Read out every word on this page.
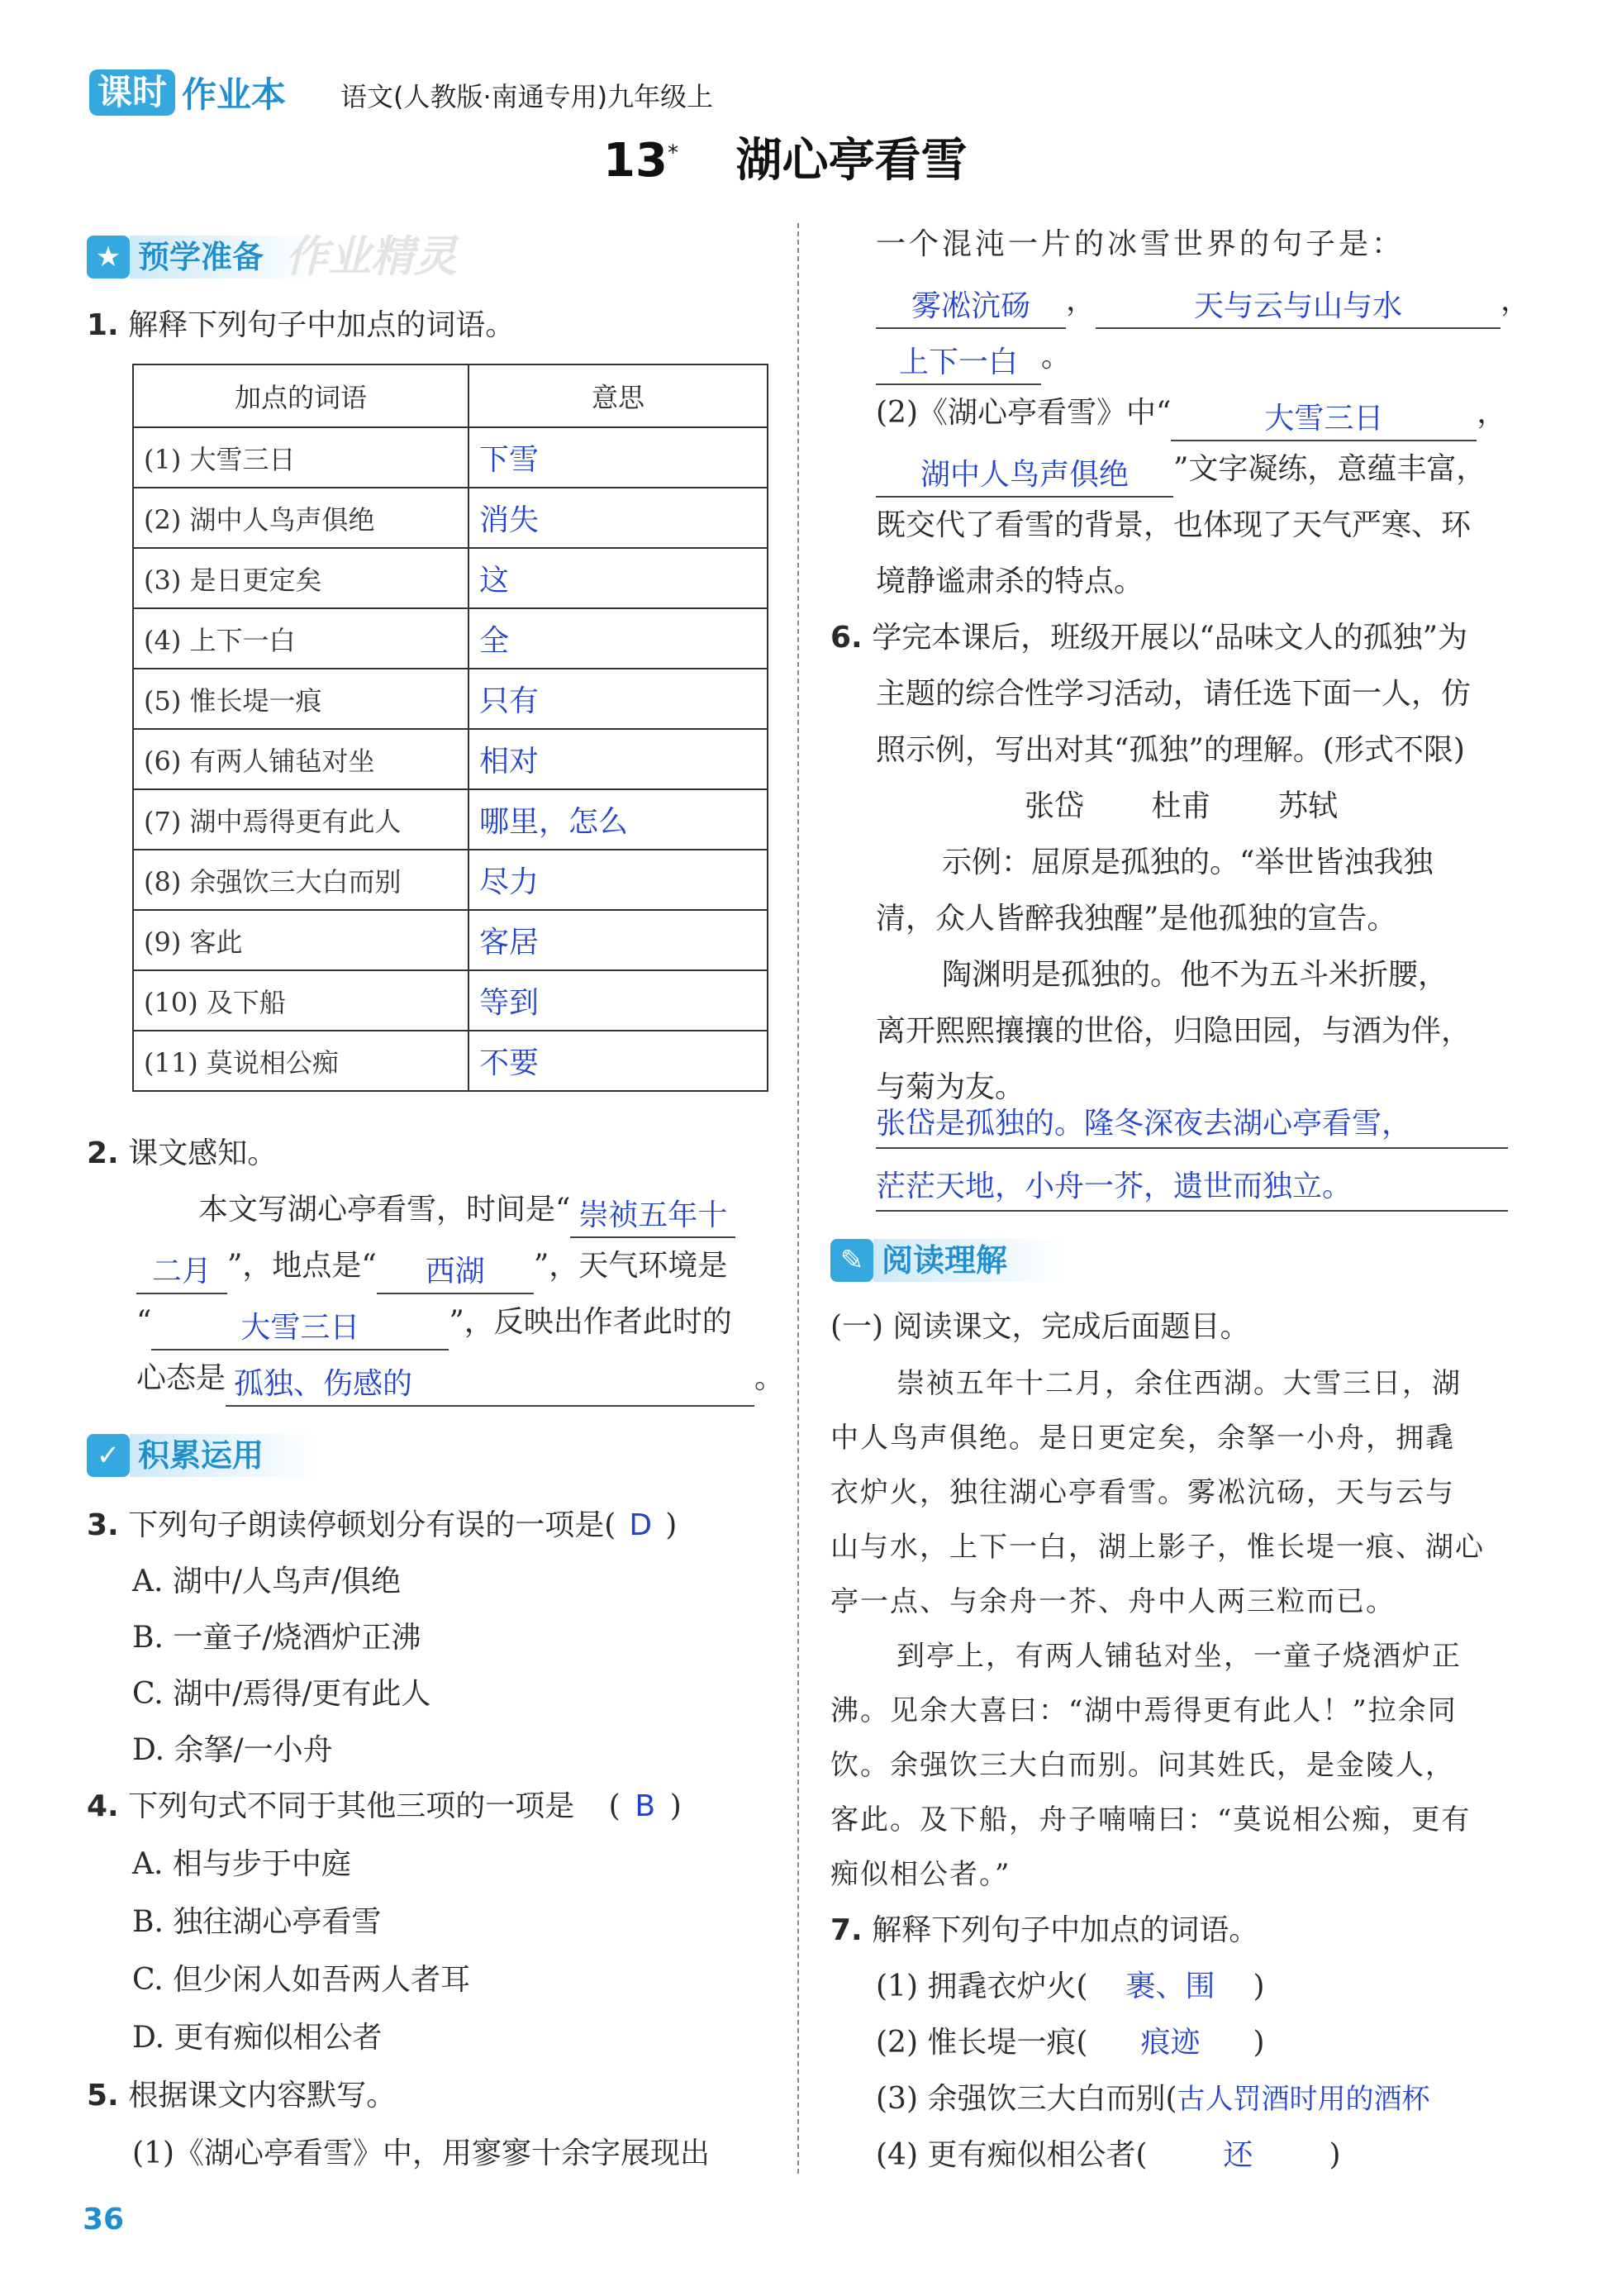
课时 作业本 语文(人教版·南通专用)九年级上
13* 湖心亭看雪
★ 预学准备 作业精灵
1. 解释下列句子中加点的词语。
加点的词语	意思
(1) 大雪三日	下雪
(2) 湖中人鸟声俱绝	消失
(3) 是日更定矣	这
(4) 上下一白	全
(5) 惟长堤一痕	只有
(6) 有两人铺毡对坐	相对
(7) 湖中焉得更有此人	哪里，怎么
(8) 余强饮三大白而别	尽力
(9) 客此	客居
(10) 及下船	等到
(11) 莫说相公痴	不要
2. 课文感知。
本文写湖心亭看雪，时间是“ 崇祯五年十
二月 ”，地点是“ 西湖 ”，天气环境是
“	大雪三日	”，反映出作者此时的
心态是 孤独、伤感的	。
✓ 积累运用
3. 下列句子朗读停顿划分有误的一项是( D )
A. 湖中/人鸟声/俱绝
B. 一童子/烧酒炉正沸
C. 湖中/焉得/更有此人
D. 余拏/一小舟
4. 下列句式不同于其他三项的一项是 ( B )
A. 相与步于中庭
B. 独往湖心亭看雪
C. 但少闲人如吾两人者耳
D. 更有痴似相公者
5. 根据课文内容默写。
(1)《湖心亭看雪》中，用寥寥十余字展现出
一个混沌一片的冰雪世界的句子是：
雾凇沆砀 ，	天与云与山与水	，
上下一白 。
(2)《湖心亭看雪》中“	大雪三日	，
湖中人鸟声俱绝 ”文字凝练，意蕴丰富，
既交代了看雪的背景，也体现了天气严寒、环
境静谧肃杀的特点。
6. 学完本课后，班级开展以“品味文人的孤独”为
主题的综合性学习活动，请任选下面一人，仿
照示例，写出对其“孤独”的理解。(形式不限)
张岱 杜甫 苏轼
示例：屈原是孤独的。“举世皆浊我独
清，众人皆醉我独醒”是他孤独的宣告。
陶渊明是孤独的。他不为五斗米折腰，
离开熙熙攘攘的世俗，归隐田园，与酒为伴，
与菊为友。
张岱是孤独的。隆冬深夜去湖心亭看雪，
茫茫天地，小舟一芥，遗世而独立。
✎ 阅读理解
(一) 阅读课文，完成后面题目。
崇祯五年十二月，余住西湖。大雪三日，湖
中人鸟声俱绝。是日更定矣，余拏一小舟，拥毳
衣炉火，独往湖心亭看雪。雾凇沆砀，天与云与
山与水，上下一白，湖上影子，惟长堤一痕、湖心
亭一点、与余舟一芥、舟中人两三粒而已。
到亭上，有两人铺毡对坐，一童子烧酒炉正
沸。见余大喜曰：“湖中焉得更有此人！”拉余同
饮。余强饮三大白而别。问其姓氏，是金陵人，
客此。及下船，舟子喃喃曰：“莫说相公痴，更有
痴似相公者。”
7. 解释下列句子中加点的词语。
(1) 拥毳衣炉火( 裹、围 )
(2) 惟长堤一痕( 痕迹 )
(3) 余强饮三大白而别(古人罚酒时用的酒杯
(4) 更有痴似相公者(	还	)
36
